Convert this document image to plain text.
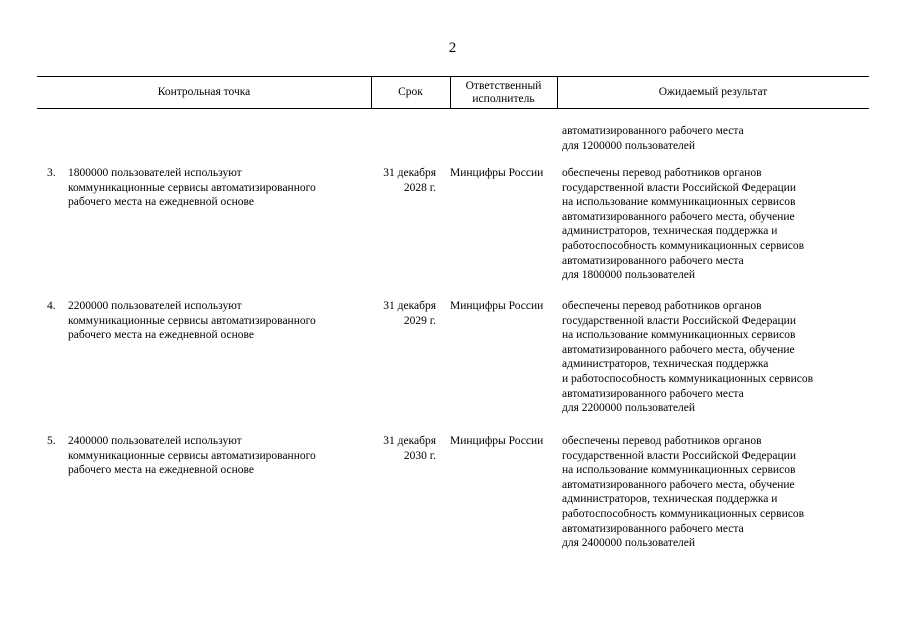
2
Контрольная точка	Срок
Ответственный
исполнитель
Ожидаемый результат
автоматизированного рабочего места
для 1200000 пользователей
3. 1800000 пользователей используют
коммуникационные сервисы автоматизированного
рабочего места на ежедневной основе
31 декабря
2028 г.
Минцифры России обеспечены перевод работников органов
государственной власти Российской Федерации
на использование коммуникационных сервисов
автоматизированного рабочего места, обучение
администраторов, техническая поддержка и
работоспособность коммуникационных сервисов
автоматизированного рабочего места
для 1800000 пользователей
4. 2200000 пользователей используют
коммуникационные сервисы автоматизированного
рабочего места на ежедневной основе
31 декабря
2029 г.
Минцифры России обеспечены перевод работников органов
государственной власти Российской Федерации
на использование коммуникационных сервисов
автоматизированного рабочего места, обучение
администраторов, техническая поддержка
и работоспособность коммуникационных сервисов
автоматизированного рабочего места
для 2200000 пользователей
5. 2400000 пользователей используют
коммуникационные сервисы автоматизированного
рабочего места на ежедневной основе
31 декабря
2030 г.
Минцифры России обеспечены перевод работников органов
государственной власти Российской Федерации
на использование коммуникационных сервисов
автоматизированного рабочего места, обучение
администраторов, техническая поддержка и
работоспособность коммуникационных сервисов
автоматизированного рабочего места
для 2400000 пользователей
